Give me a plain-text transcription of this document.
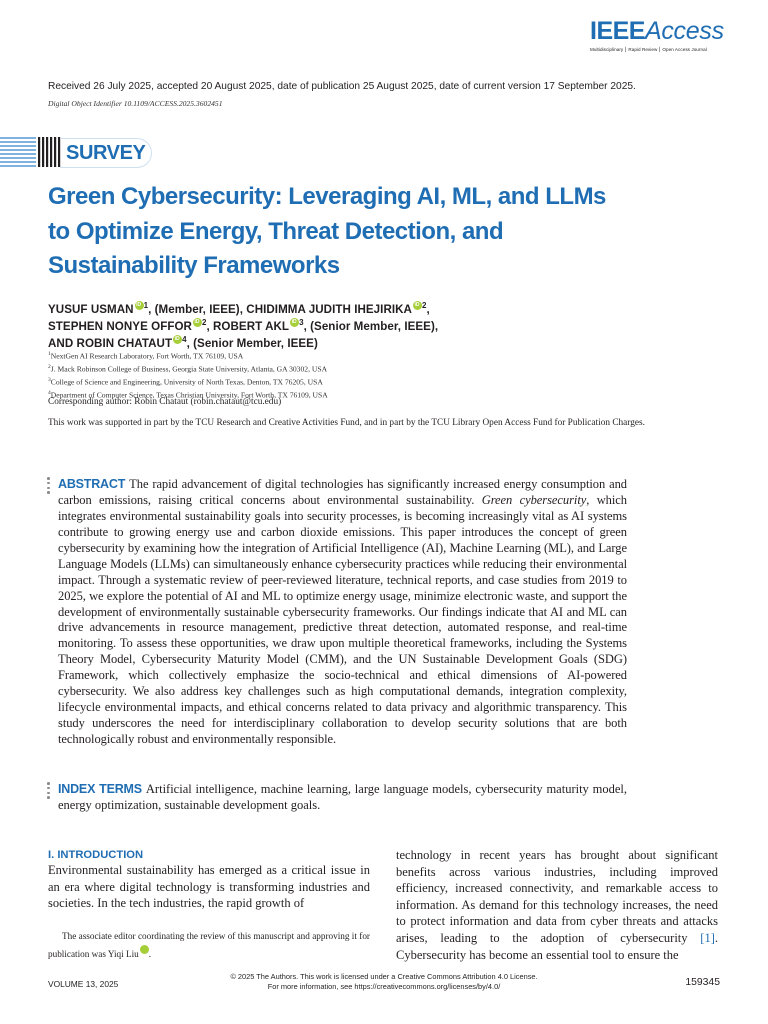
IEEEAccess
Multidisciplinary ⎮ Rapid Review ⎮ Open Access Journal
Received 26 July 2025, accepted 20 August 2025, date of publication 25 August 2025, date of current version 17 September 2025.
Digital Object Identifier 10.1109/ACCESS.2025.3602451
SURVEY
Green Cybersecurity: Leveraging AI, ML, and LLMs to Optimize Energy, Threat Detection, and Sustainability Frameworks
YUSUF USMAN iD $^1$, (Member, IEEE), CHIDIMMA JUDITH IHEJIRIKA iD $^2$,
STEPHEN NONYE OFFOR iD $^2$, ROBERT AKL iD $^3$, (Senior Member, IEEE),
AND ROBIN CHATAUT iD $^4$, (Senior Member, IEEE)
$^1$NextGen AI Research Laboratory, Fort Worth, TX 76109, USA
$^2$J. Mack Robinson College of Business, Georgia State University, Atlanta, GA 30302, USA
$^3$College of Science and Engineering, University of North Texas, Denton, TX 76205, USA
$^4$Department of Computer Science, Texas Christian University, Fort Worth, TX 76109, USA
Corresponding author: Robin Chataut (robin.chataut@tcu.edu)
This work was supported in part by the TCU Research and Creative Activities Fund, and in part by the TCU Library Open Access Fund for Publication Charges.
ABSTRACT The rapid advancement of digital technologies has significantly increased energy consumption and carbon emissions, raising critical concerns about environmental sustainability. Green cybersecurity, which integrates environmental sustainability goals into security processes, is becoming increasingly vital as AI systems contribute to growing energy use and carbon dioxide emissions. This paper introduces the concept of green cybersecurity by examining how the integration of Artificial Intelligence (AI), Machine Learning (ML), and Large Language Models (LLMs) can simultaneously enhance cybersecurity practices while reducing their environmental impact. Through a systematic review of peer-reviewed literature, technical reports, and case studies from 2019 to 2025, we explore the potential of AI and ML to optimize energy usage, minimize electronic waste, and support the development of environmentally sustainable cybersecurity frameworks. Our findings indicate that AI and ML can drive advancements in resource management, predictive threat detection, automated response, and real-time monitoring. To assess these opportunities, we draw upon multiple theoretical frameworks, including the Systems Theory Model, Cybersecurity Maturity Model (CMM), and the UN Sustainable Development Goals (SDG) Framework, which collectively emphasize the socio-technical and ethical dimensions of AI-powered cybersecurity. We also address key challenges such as high computational demands, integration complexity, lifecycle environmental impacts, and ethical concerns related to data privacy and algorithmic transparency. This study underscores the need for interdisciplinary collaboration to develop security solutions that are both technologically robust and environmentally responsible.
INDEX TERMS Artificial intelligence, machine learning, large language models, cybersecurity maturity model, energy optimization, sustainable development goals.
I. INTRODUCTION
Environmental sustainability has emerged as a critical issue in an era where digital technology is transforming industries and societies. In the tech industries, the rapid growth of
The associate editor coordinating the review of this manuscript and approving it for publication was Yiqi Liu iD .
technology in recent years has brought about significant benefits across various industries, including improved efficiency, increased connectivity, and remarkable access to information. As demand for this technology increases, the need to protect information and data from cyber threats and attacks arises, leading to the adoption of cybersecurity [1]. Cybersecurity has become an essential tool to ensure the
© 2025 The Authors. This work is licensed under a Creative Commons Attribution 4.0 License.
For more information, see https://creativecommons.org/licenses/by/4.0/
VOLUME 13, 2025	159345
